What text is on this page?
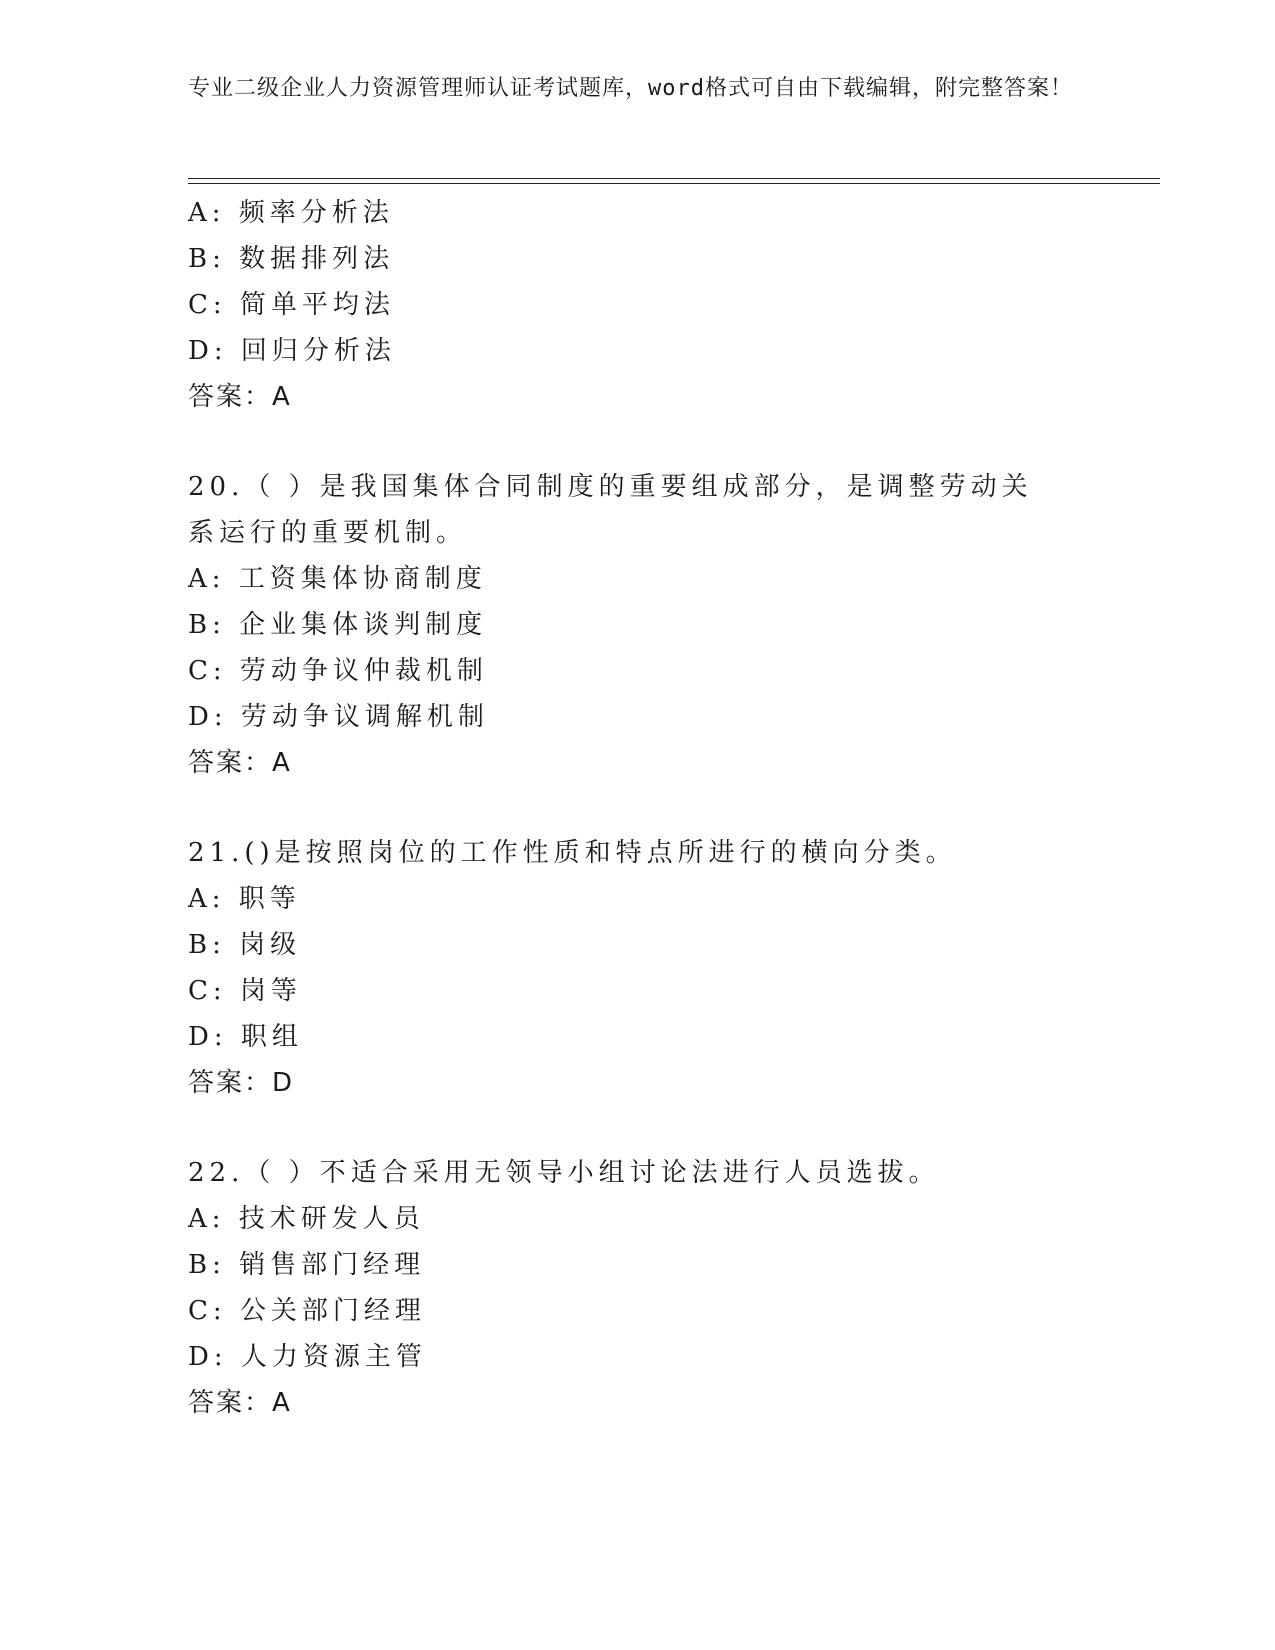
专业二级企业人力资源管理师认证考试题库，word格式可自由下载编辑，附完整答案！
A: 频率分析法
B: 数据排列法
C: 简单平均法
D: 回归分析法
答案：A
20.（ ）是我国集体合同制度的重要组成部分，是调整劳动关系运行的重要机制。
A: 工资集体协商制度
B: 企业集体谈判制度
C: 劳动争议仲裁机制
D: 劳动争议调解机制
答案：A
21.()是按照岗位的工作性质和特点所进行的横向分类。
A: 职等
B: 岗级
C: 岗等
D: 职组
答案：D
22.（ ）不适合采用无领导小组讨论法进行人员选拔。
A: 技术研发人员
B: 销售部门经理
C: 公关部门经理
D: 人力资源主管
答案：A
